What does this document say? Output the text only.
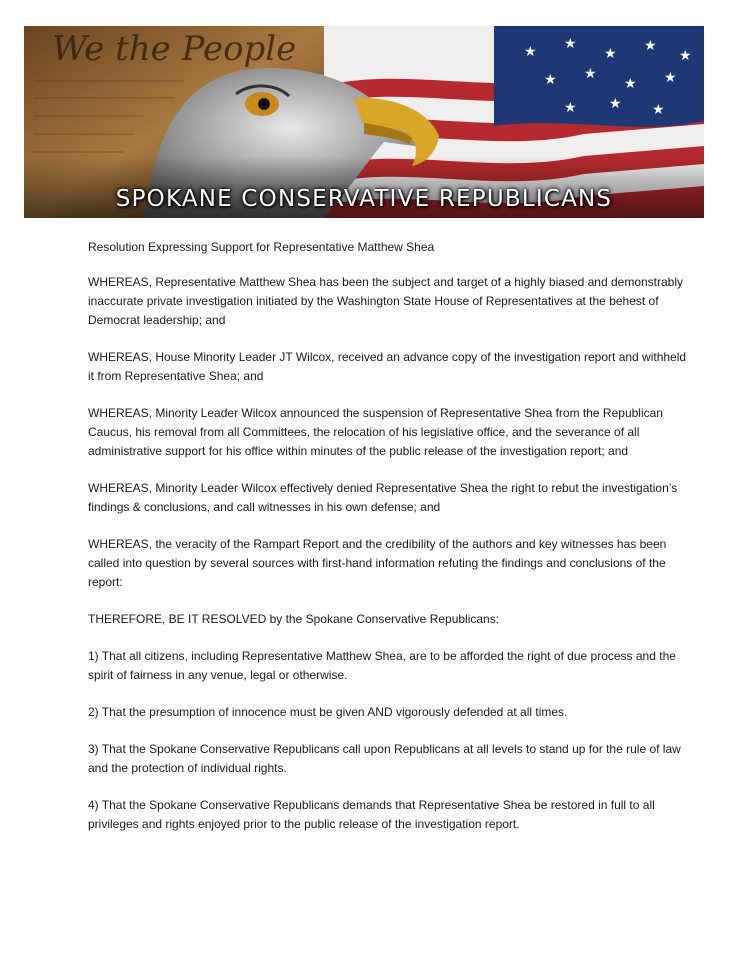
★ ★
★ ★
★
★ ★
★ ★
★ ★ ★
We the People
SPOKANE CONSERVATIVE REPUBLICANS

Resolution Expressing Support for Representative Matthew Shea

WHEREAS, Representative Matthew Shea has been the subject and target of a highly biased and demonstrably inaccurate private investigation initiated by the Washington State House of Representatives at the behest of Democrat leadership; and

WHEREAS, House Minority Leader JT Wilcox, received an advance copy of the investigation report and withheld it from Representative Shea; and

WHEREAS, Minority Leader Wilcox announced the suspension of Representative Shea from the Republican Caucus, his removal from all Committees, the relocation of his legislative office, and the severance of all administrative support for his office within minutes of the public release of the investigation report; and

WHEREAS, Minority Leader Wilcox effectively denied Representative Shea the right to rebut the investigation’s findings & conclusions, and call witnesses in his own defense; and

WHEREAS, the veracity of the Rampart Report and the credibility of the authors and key witnesses has been called into question by several sources with first-hand information refuting the findings and conclusions of the report:

THEREFORE, BE IT RESOLVED by the Spokane Conservative Republicans:

1) That all citizens, including Representative Matthew Shea, are to be afforded the right of due process and the spirit of fairness in any venue, legal or otherwise.

2) That the presumption of innocence must be given AND vigorously defended at all times.

3) That the Spokane Conservative Republicans call upon Republicans at all levels to stand up for the rule of law and the protection of individual rights.

4) That the Spokane Conservative Republicans demands that Representative Shea be restored in full to all privileges and rights enjoyed prior to the public release of the investigation report.
